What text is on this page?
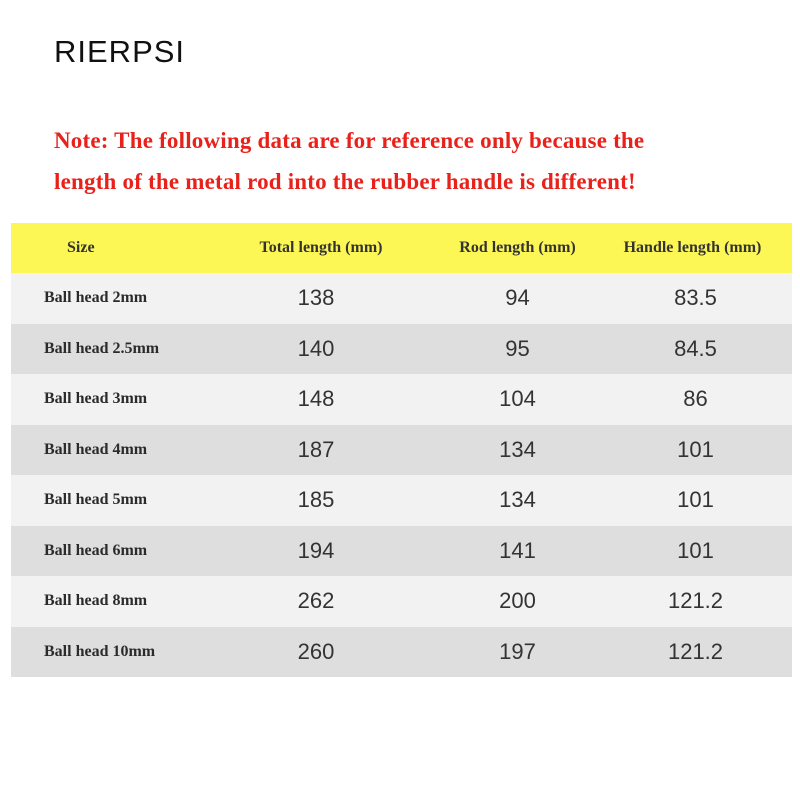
RIERPSI
Note: The following data are for reference only because the
length of the metal rod into the rubber handle is different!
Size	Total length (mm)	Rod length (mm)	Handle length (mm)
Ball head 2mm	138	94	83.5
Ball head 2.5mm	140	95	84.5
Ball head 3mm	148	104	86
Ball head 4mm	187	134	101
Ball head 5mm	185	134	101
Ball head 6mm	194	141	101
Ball head 8mm	262	200	121.2
Ball head 10mm	260	197	121.2
